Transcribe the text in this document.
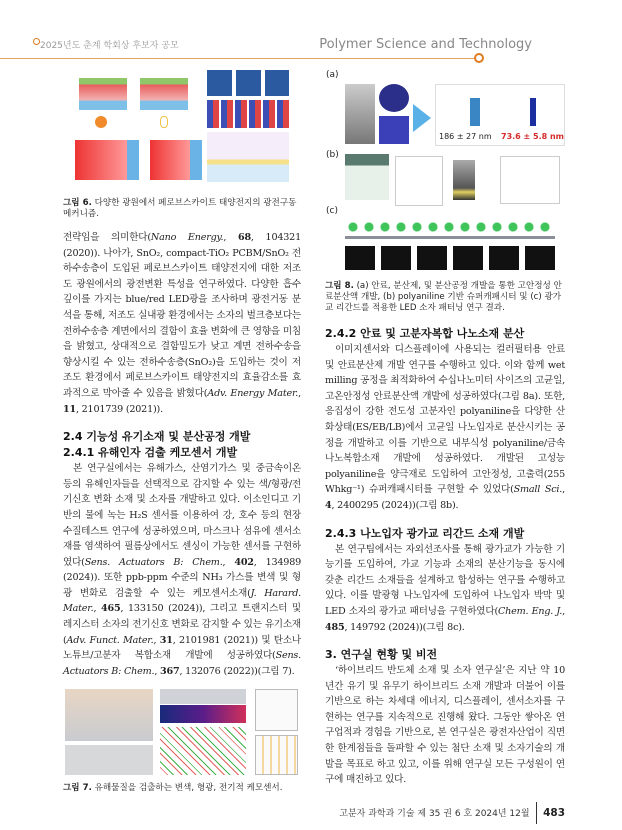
2025년도 춘계 학회상 후보자 공모	Polymer Science and Technology
그림 6. 다양한 광원에서 페로브스카이트 태양전지의 광전구동 메커니즘.

전략임을 의미한다(Nano Energy., 68, 104321 (2020)). 나아가, SnO₂, compact-TiO₂ PCBM/SnO₂ 전하수송층이 도입된 페로브스카이트 태양전지에 대한 저조도 광원에서의 광전변환 특성을 연구하였다. 다양한 흡수 깊이를 가지는 blue/red LED광을 조사하며 광전거동 분석을 통해, 저조도 실내광 환경에서는 소자의 벌크층보다는 전하수송층 계면에서의 결함이 효율 변화에 큰 영향을 미침을 밝혔고, 상대적으로 결함밀도가 낮고 계면 전하수송을 향상시킬 수 있는 전하수송층(SnO₂)을 도입하는 것이 저조도 환경에서 페로브스카이트 태양전지의 효율감소를 효과적으로 막아줄 수 있음을 밝혔다(Adv. Energy Mater., 11, 2101739 (2021)).

2.4 기능성 유기소재 및 분산공정 개발
2.4.1 유해인자 검출 케모센서 개발

본 연구실에서는 유해가스, 산염기가스 및 중금속이온 등의 유해인자들을 선택적으로 감지할 수 있는 색/형광/전기신호 변화 소재 및 소자를 개발하고 있다. 이소인디고 기반의 물에 녹는 H₂S 센서를 이용하여 강, 호수 등의 현장 수질테스트 연구에 성공하였으며, 마스크나 섬유에 센서소재를 염색하여 필름상에서도 센싱이 가능한 센서를 구현하였다(Sens. Actuators B: Chem., 402, 134989 (2024)). 또한 ppb-ppm 수준의 NH₃ 가스를 변색 및 형광 변화로 검출할 수 있는 케모센서소재(J. Harard. Mater., 465, 133150 (2024)), 그리고 트랜지스터 및 레지스터 소자의 전기신호 변화로 감지할 수 있는 유기소재(Adv. Funct. Mater., 31, 2101981 (2021)) 및 탄소나노튜브/고분자 복합소재 개발에 성공하였다(Sens. Actuators B: Chem., 367, 132076 (2022))(그림 7).

그림 7. 유해물질을 검출하는 변색, 형광, 전기적 케모센서.
(a)
186 ± 27 nm 73.6 ± 5.8 nm
(b)
(c)
그림 8. (a) 안료, 분산제, 및 분산공정 개발을 통한 고안정성 안료분산액 개발, (b) polyaniline 기반 슈퍼캐패시터 및 (c) 광가교 리간드를 적용한 LED 소자 패터닝 연구 결과.
2.4.2 안료 및 고분자복합 나노소재 분산

이미지센서와 디스플레이에 사용되는 컬러필터용 안료 및 안료분산제 개발 연구를 수행하고 있다. 이와 함께 wet milling 공정을 최적화하여 수십나노미터 사이즈의 고균일, 고온안정성 안료분산액 개발에 성공하였다(그림 8a). 또한, 응집성이 강한 전도성 고분자인 polyaniline을 다양한 산화상태(ES/EB/LB)에서 고균일 나노입자로 분산시키는 공정을 개발하고 이를 기반으로 내부식성 polyaniline/금속 나노복합소재 개발에 성공하였다. 개발된 고성능 polyaniline을 양극재로 도입하여 고안정성, 고출력(255 Whkg⁻¹) 슈퍼캐패시터를 구현할 수 있었다(Small Sci., 4, 2400295 (2024))(그림 8b).

2.4.3 나노입자 광가교 리간드 소재 개발

본 연구팀에서는 자외선조사를 통해 광가교가 가능한 기능기를 도입하여, 가교 기능과 소재의 분산기능을 동시에 갖춘 리간드 소재들을 설계하고 합성하는 연구를 수행하고 있다. 이를 발광형 나노입자에 도입하여 나노입자 박막 및 LED 소자의 광가교 패터닝을 구현하였다(Chem. Eng. J., 485, 149792 (2024))(그림 8c).

3. 연구실 현황 및 비전

‘하이브리드 반도체 소재 및 소자 연구실’은 지난 약 10년간 유기 및 유무기 하이브리드 소재 개발과 더불어 이를 기반으로 하는 차세대 에너지, 디스플레이, 센서소자를 구현하는 연구를 지속적으로 진행해 왔다. 그동안 쌓아온 연구업적과 경험을 기반으로, 본 연구실은 광전자산업이 직면한 한계점들을 돌파할 수 있는 첨단 소재 및 소자기술의 개발을 목표로 하고 있고, 이를 위해 연구실 모든 구성원이 연구에 매진하고 있다.

고분자 과학과 기술 제 35 권 6 호 2024년 12월 483
